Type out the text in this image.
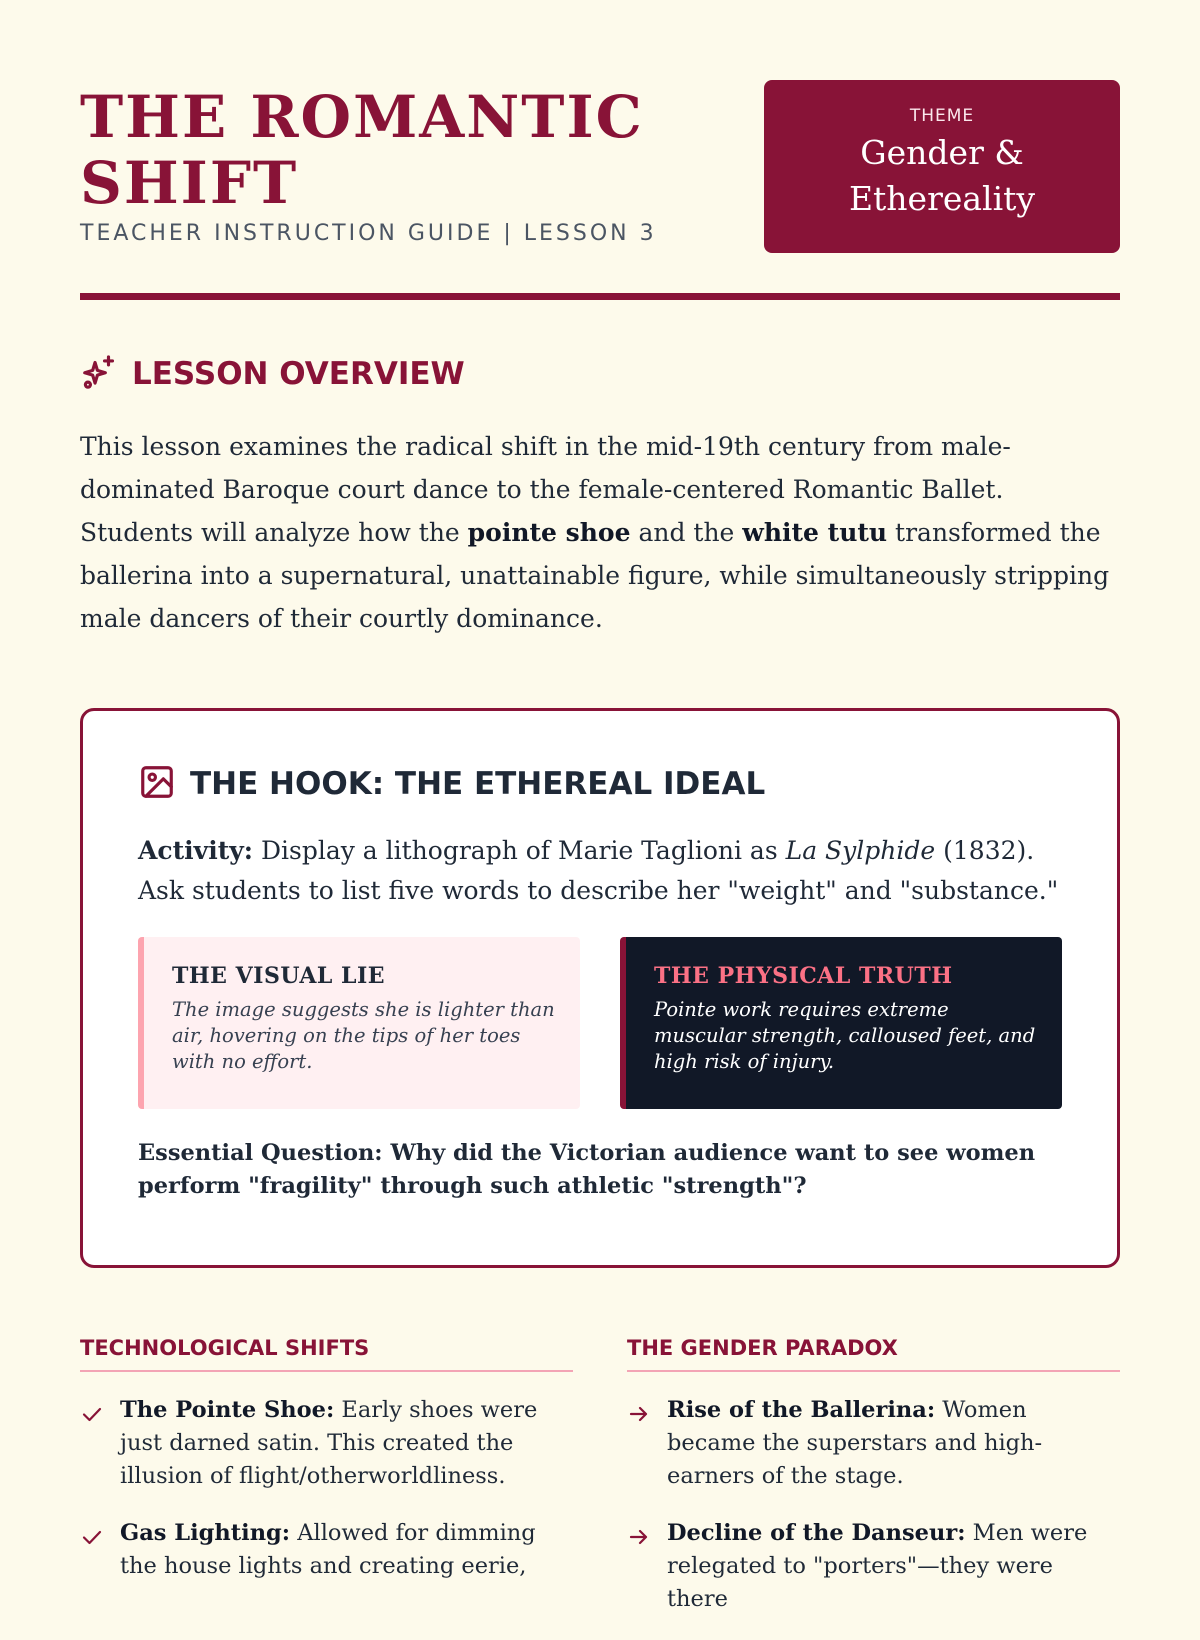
THE ROMANTIC
SHIFT
TEACHER INSTRUCTION GUIDE | LESSON 3
THEME
Gender &
Ethereality
LESSON OVERVIEW

This lesson examines the radical shift in the mid-19th century from male-dominated Baroque court dance to the female-centered Romantic Ballet. Students will analyze how the pointe shoe and the white tutu transformed the ballerina into a supernatural, unattainable figure, while simultaneously stripping male dancers of their courtly dominance.

THE HOOK: THE ETHEREAL IDEAL

Activity: Display a lithograph of Marie Taglioni as La Sylphide (1832). Ask students to list five words to describe her "weight" and "substance."

THE VISUAL LIE
The image suggests she is lighter than air, hovering on the tips of her toes with no effort.
THE PHYSICAL TRUTH
Pointe work requires extreme muscular strength, calloused feet, and high risk of injury.
Essential Question: Why did the Victorian audience want to see women perform "fragility" through such athletic "strength"?
TECHNOLOGICAL SHIFTS
The Pointe Shoe: Early shoes were just darned satin. This created the illusion of flight/otherworldliness.
Gas Lighting: Allowed for dimming the house lights and creating eerie,
THE GENDER PARADOX
Rise of the Ballerina: Women became the superstars and high-earners of the stage.
Decline of the Danseur: Men were relegated to "porters"—they were there
